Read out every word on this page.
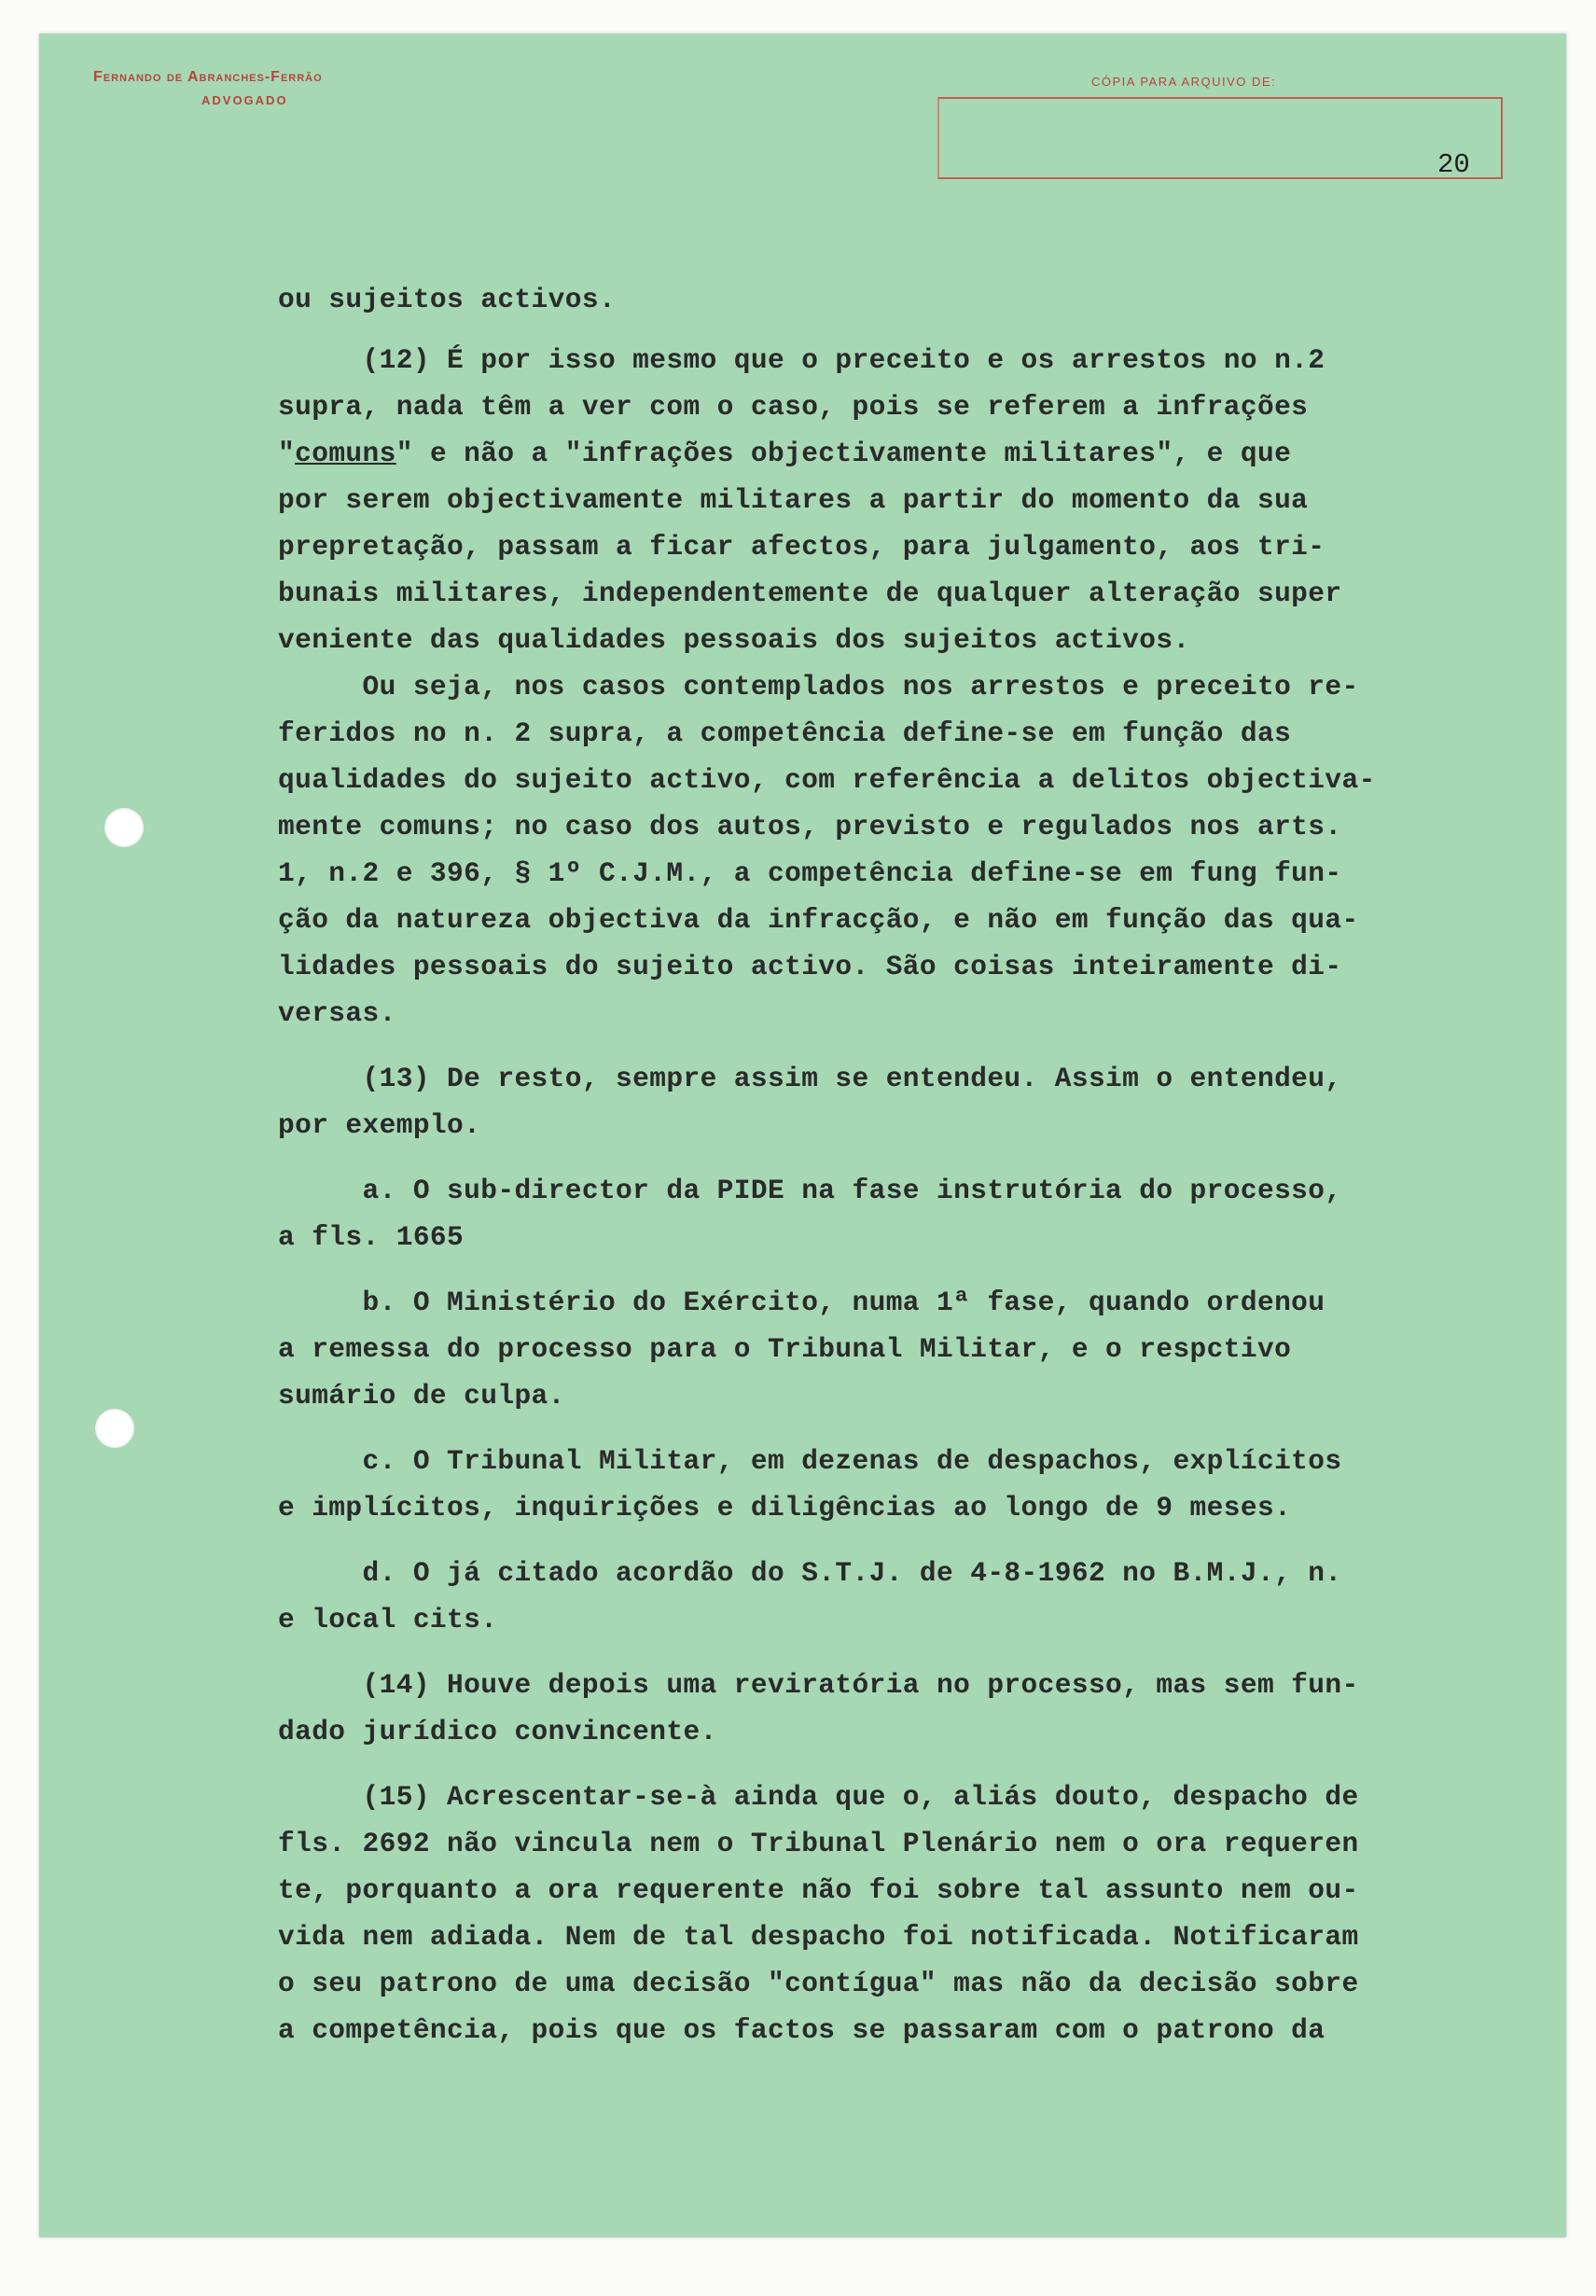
Fernando de Abranches-Ferrão
ADVOGADO
CÓPIA PARA ARQUIVO DE:
20
ou sujeitos activos.
(12) É por isso mesmo que o preceito e os arrestos no n.2
supra, nada têm a ver com o caso, pois se referem a infrações
"comuns" e não a "infrações objectivamente militares", e que
por serem objectivamente militares a partir do momento da sua
prepretação, passam a ficar afectos, para julgamento, aos tri-
bunais militares, independentemente de qualquer alteração super
veniente das qualidades pessoais dos sujeitos activos.
Ou seja, nos casos contemplados nos arrestos e preceito re-
feridos no n. 2 supra, a competência define-se em função das
qualidades do sujeito activo, com referência a delitos objectiva-
mente comuns; no caso dos autos, previsto e regulados nos arts.
1, n.2 e 396, § 1º C.J.M., a competência define-se em fung fun-
ção da natureza objectiva da infracção, e não em função das qua-
lidades pessoais do sujeito activo. São coisas inteiramente di-
versas.
(13) De resto, sempre assim se entendeu. Assim o entendeu,
por exemplo.
a. O sub-director da PIDE na fase instrutória do processo,
a fls. 1665
b. O Ministério do Exército, numa 1ª fase, quando ordenou
a remessa do processo para o Tribunal Militar, e o respctivo
sumário de culpa.
c. O Tribunal Militar, em dezenas de despachos, explícitos
e implícitos, inquirições e diligências ao longo de 9 meses.
d. O já citado acordão do S.T.J. de 4-8-1962 no B.M.J., n.
e local cits.
(14) Houve depois uma reviratória no processo, mas sem fun-
dado jurídico convincente.
(15) Acrescentar-se-à ainda que o, aliás douto, despacho de
fls. 2692 não vincula nem o Tribunal Plenário nem o ora requeren
te, porquanto a ora requerente não foi sobre tal assunto nem ou-
vida nem adiada. Nem de tal despacho foi notificada. Notificaram
o seu patrono de uma decisão "contígua" mas não da decisão sobre
a competência, pois que os factos se passaram com o patrono da
